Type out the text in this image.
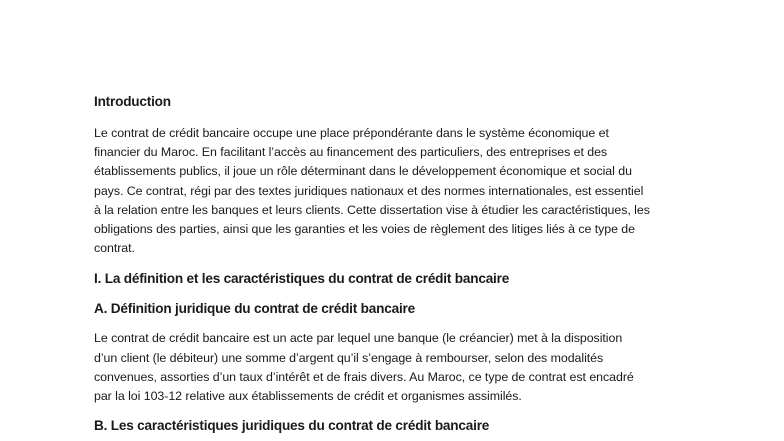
Introduction

Le contrat de crédit bancaire occupe une place prépondérante dans le système économique et
financier du Maroc. En facilitant l’accès au financement des particuliers, des entreprises et des
établissements publics, il joue un rôle déterminant dans le développement économique et social du
pays. Ce contrat, régi par des textes juridiques nationaux et des normes internationales, est essentiel
à la relation entre les banques et leurs clients. Cette dissertation vise à étudier les caractéristiques, les
obligations des parties, ainsi que les garanties et les voies de règlement des litiges liés à ce type de
contrat.

I. La définition et les caractéristiques du contrat de crédit bancaire

A. Définition juridique du contrat de crédit bancaire

Le contrat de crédit bancaire est un acte par lequel une banque (le créancier) met à la disposition
d’un client (le débiteur) une somme d’argent qu’il s’engage à rembourser, selon des modalités
convenues, assorties d’un taux d’intérêt et de frais divers. Au Maroc, ce type de contrat est encadré
par la loi 103-12 relative aux établissements de crédit et organismes assimilés.

B. Les caractéristiques juridiques du contrat de crédit bancaire
